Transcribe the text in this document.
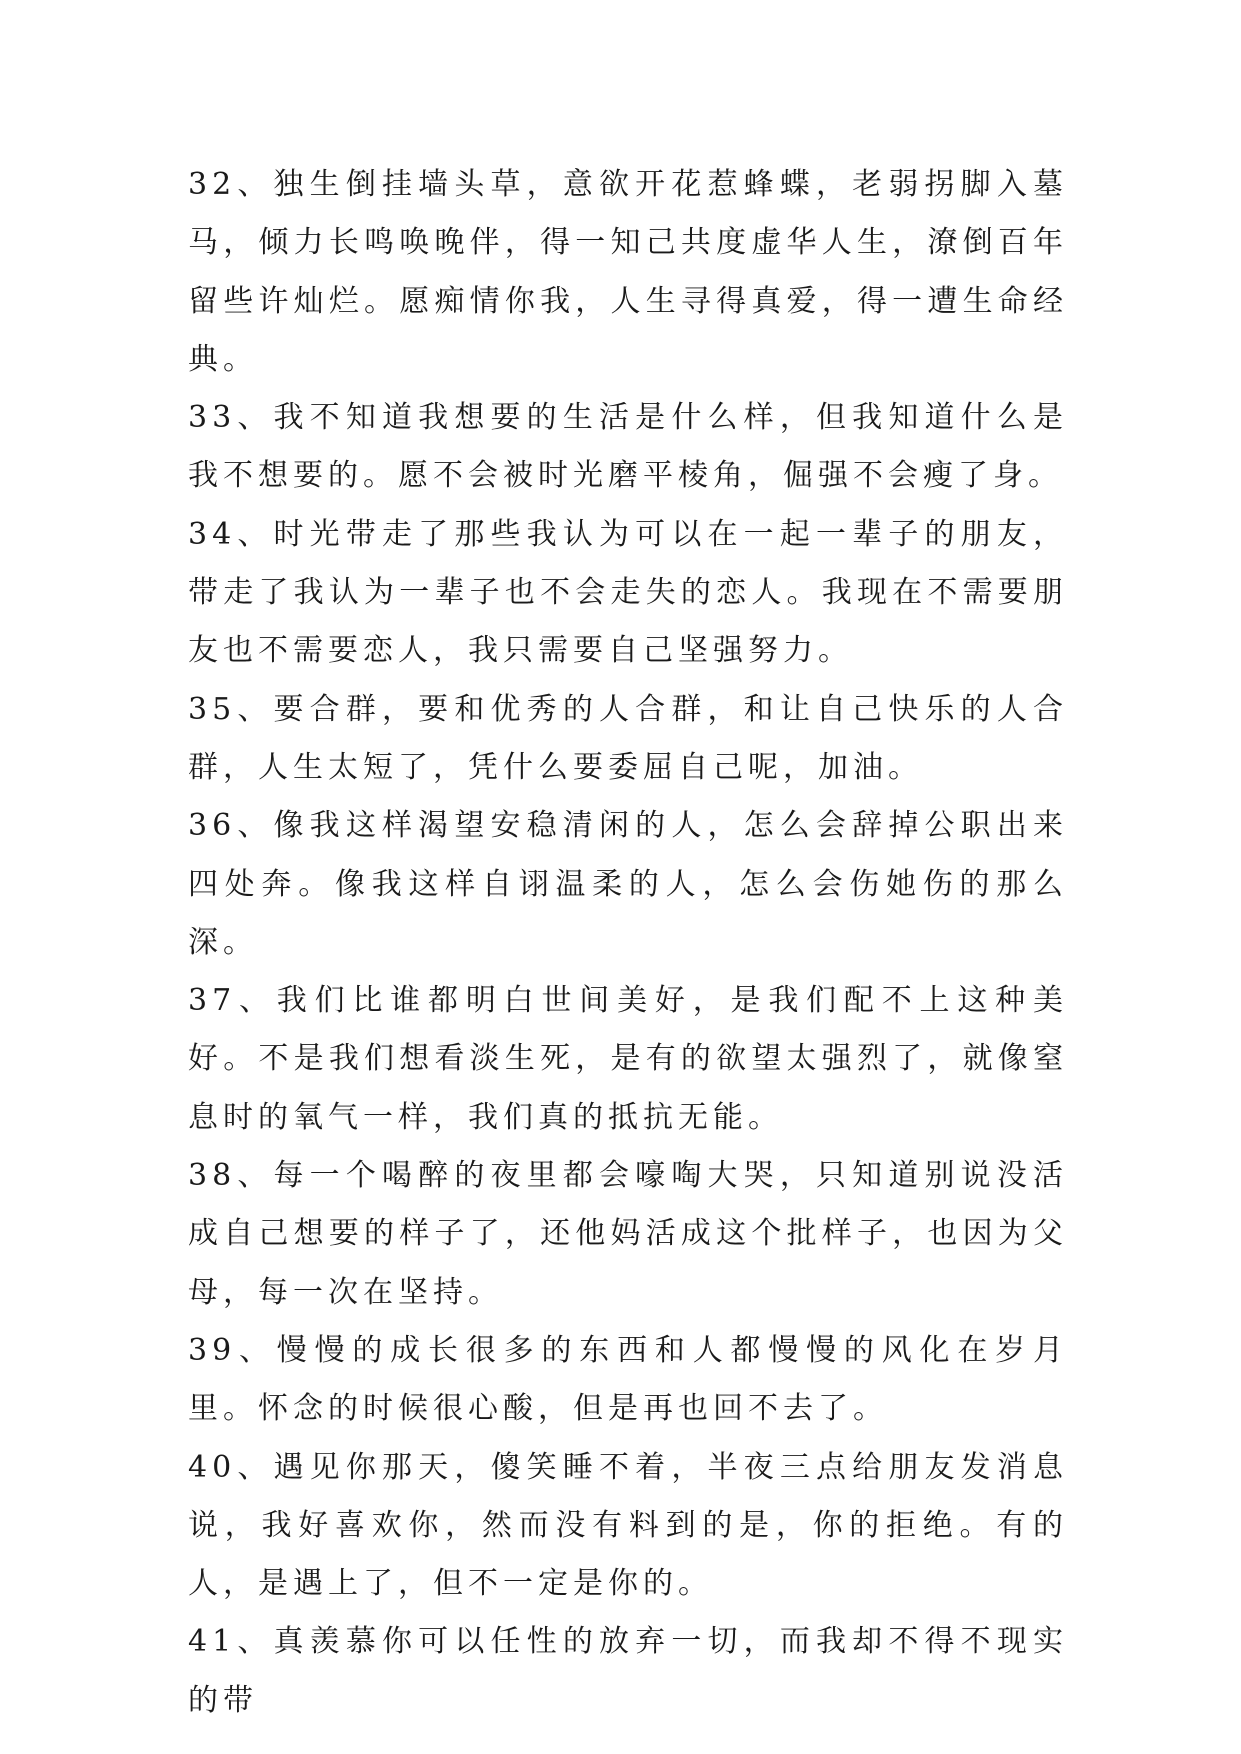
32、独生倒挂墙头草，意欲开花惹蜂蝶，老弱拐脚入墓马，倾力长鸣唤晚伴，得一知己共度虚华人生，潦倒百年留些许灿烂。愿痴情你我，人生寻得真爱，得一遭生命经典。

33、我不知道我想要的生活是什么样，但我知道什么是我不想要的。愿不会被时光磨平棱角，倔强不会瘦了身。

34、时光带走了那些我认为可以在一起一辈子的朋友，带走了我认为一辈子也不会走失的恋人。我现在不需要朋友也不需要恋人，我只需要自己坚强努力。

35、要合群，要和优秀的人合群，和让自己快乐的人合群，人生太短了，凭什么要委屈自己呢，加油。

36、像我这样渴望安稳清闲的人，怎么会辞掉公职出来四处奔。像我这样自诩温柔的人，怎么会伤她伤的那么深。

37、我们比谁都明白世间美好，是我们配不上这种美好。不是我们想看淡生死，是有的欲望太强烈了，就像窒息时的氧气一样，我们真的抵抗无能。

38、每一个喝醉的夜里都会嚎啕大哭，只知道别说没活成自己想要的样子了，还他妈活成这个批样子，也因为父母，每一次在坚持。

39、慢慢的成长很多的东西和人都慢慢的风化在岁月里。怀念的时候很心酸，但是再也回不去了。

40、遇见你那天，傻笑睡不着，半夜三点给朋友发消息说，我好喜欢你，然而没有料到的是，你的拒绝。有的人，是遇上了，但不一定是你的。

41、真羡慕你可以任性的放弃一切，而我却不得不现实的带
